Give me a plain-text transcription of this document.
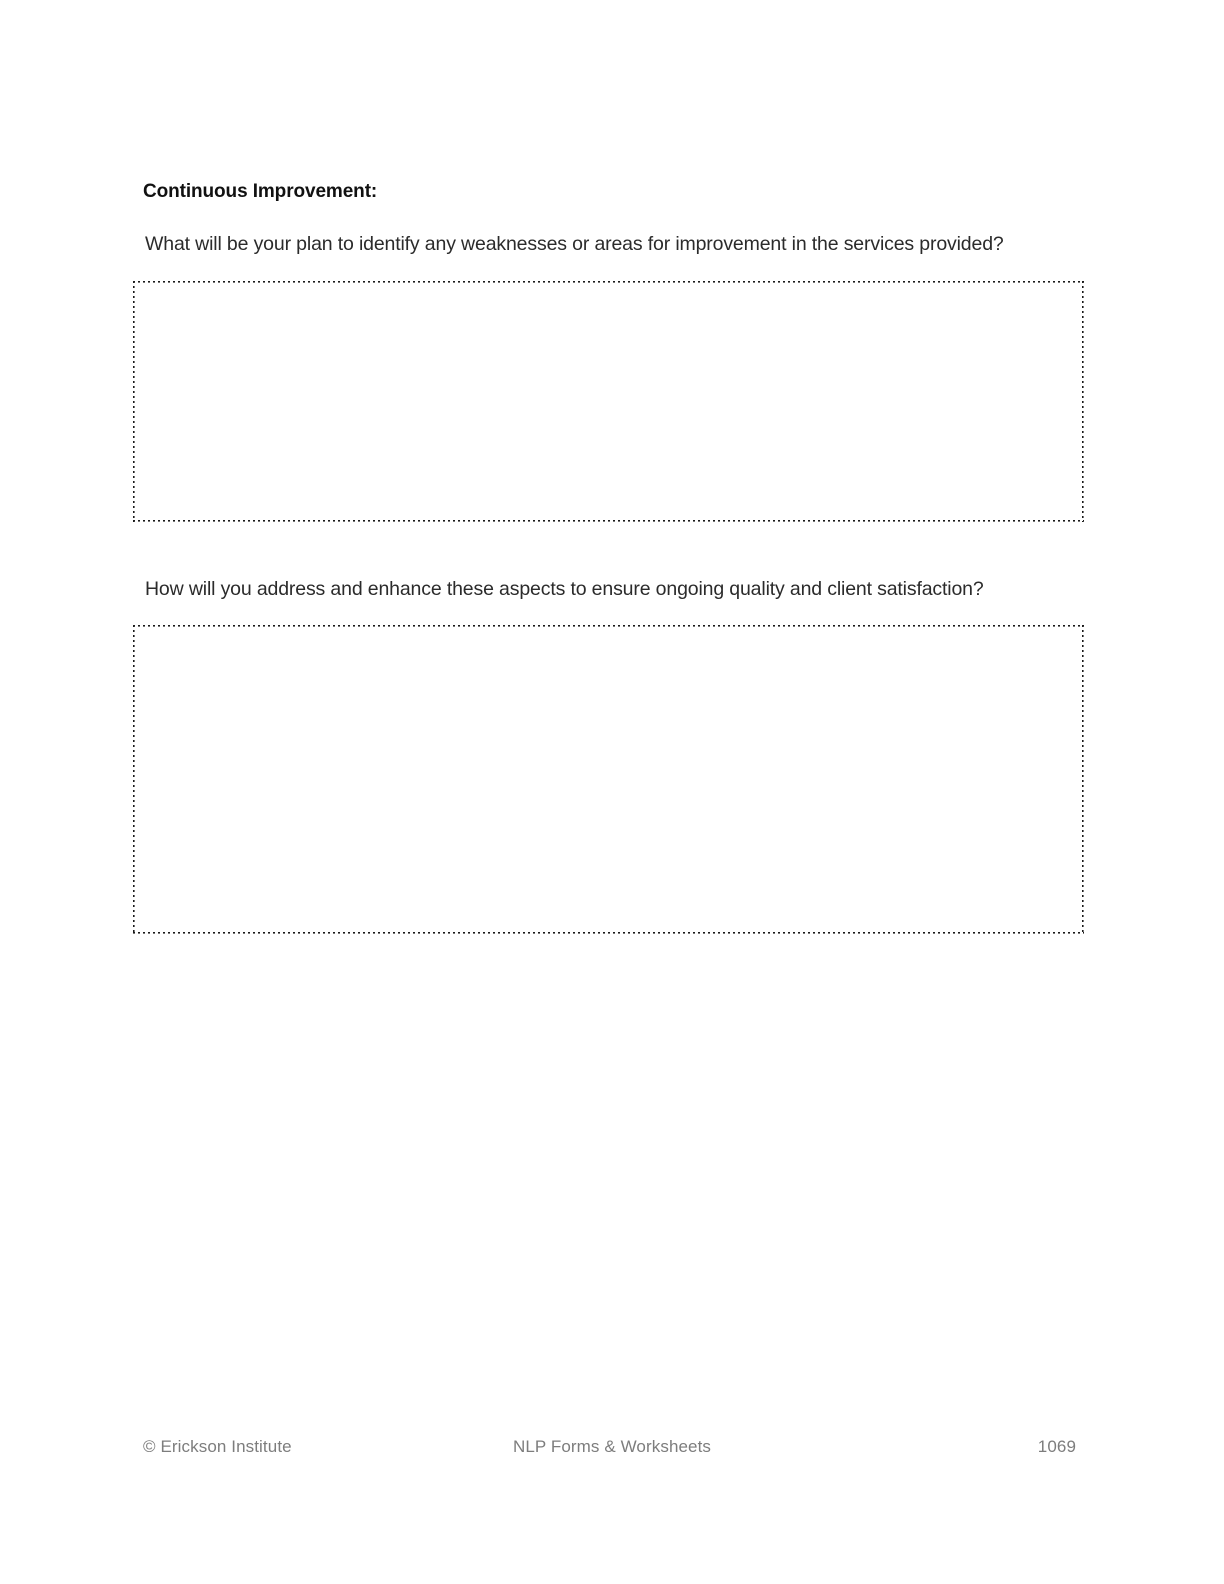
Continuous Improvement:

What will be your plan to identify any weaknesses or areas for improvement in the services provided?

How will you address and enhance these aspects to ensure ongoing quality and client satisfaction?

© Erickson Institute	NLP Forms & Worksheets	1069
